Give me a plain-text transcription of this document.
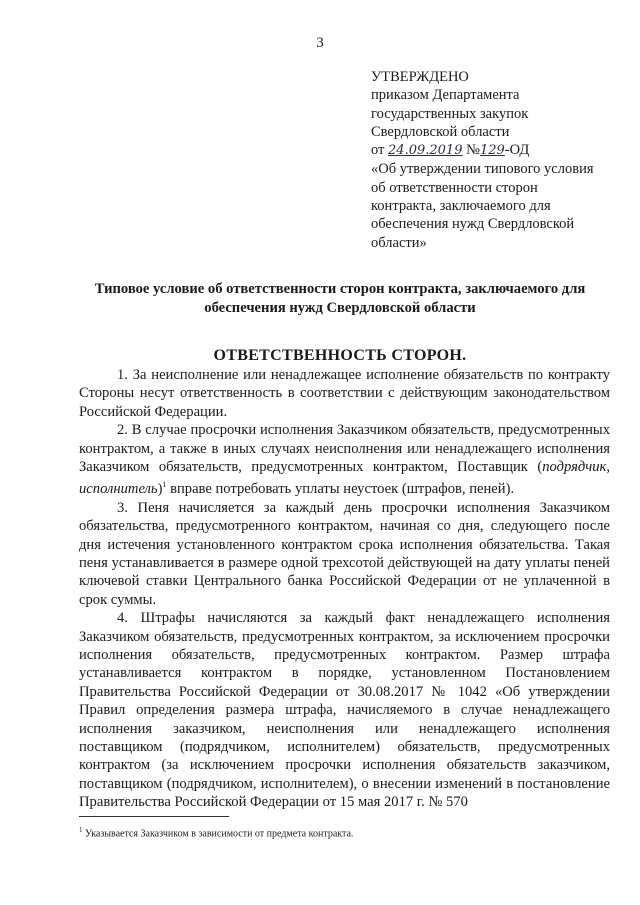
3
УТВЕРЖДЕНО
приказом Департамента
государственных закупок
Свердловской области
от 24.09.2019 №129-ОД
«Об утверждении типового условия
об ответственности сторон
контракта, заключаемого для
обеспечения нужд Свердловской
области»
Типовое условие об ответственности сторон контракта, заключаемого для обеспечения нужд Свердловской области
ОТВЕТСТВЕННОСТЬ СТОРОН.

1. За неисполнение или ненадлежащее исполнение обязательств по контракту Стороны несут ответственность в соответствии с действующим законодательством Российской Федерации.

2. В случае просрочки исполнения Заказчиком обязательств, предусмотренных контрактом, а также в иных случаях неисполнения или ненадлежащего исполнения Заказчиком обязательств, предусмотренных контрактом, Поставщик (подрядчик, исполнитель)$^1$ вправе потребовать уплаты неустоек (штрафов, пеней).

3. Пеня начисляется за каждый день просрочки исполнения Заказчиком обязательства, предусмотренного контрактом, начиная со дня, следующего после дня истечения установленного контрактом срока исполнения обязательства. Такая пеня устанавливается в размере одной трехсотой действующей на дату уплаты пеней ключевой ставки Центрального банка Российской Федерации от не уплаченной в срок суммы.

4. Штрафы начисляются за каждый факт ненадлежащего исполнения Заказчиком обязательств, предусмотренных контрактом, за исключением просрочки исполнения обязательств, предусмотренных контрактом. Размер штрафа устанавливается контрактом в порядке, установленном Постановлением Правительства Российской Федерации от 30.08.2017 № 1042 «Об утверждении Правил определения размера штрафа, начисляемого в случае ненадлежащего исполнения заказчиком, неисполнения или ненадлежащего исполнения поставщиком (подрядчиком, исполнителем) обязательств, предусмотренных контрактом (за исключением просрочки исполнения обязательств заказчиком, поставщиком (подрядчиком, исполнителем), о внесении изменений в постановление Правительства Российской Федерации от 15 мая 2017 г. № 570

$^1$ Указывается Заказчиком в зависимости от предмета контракта.
